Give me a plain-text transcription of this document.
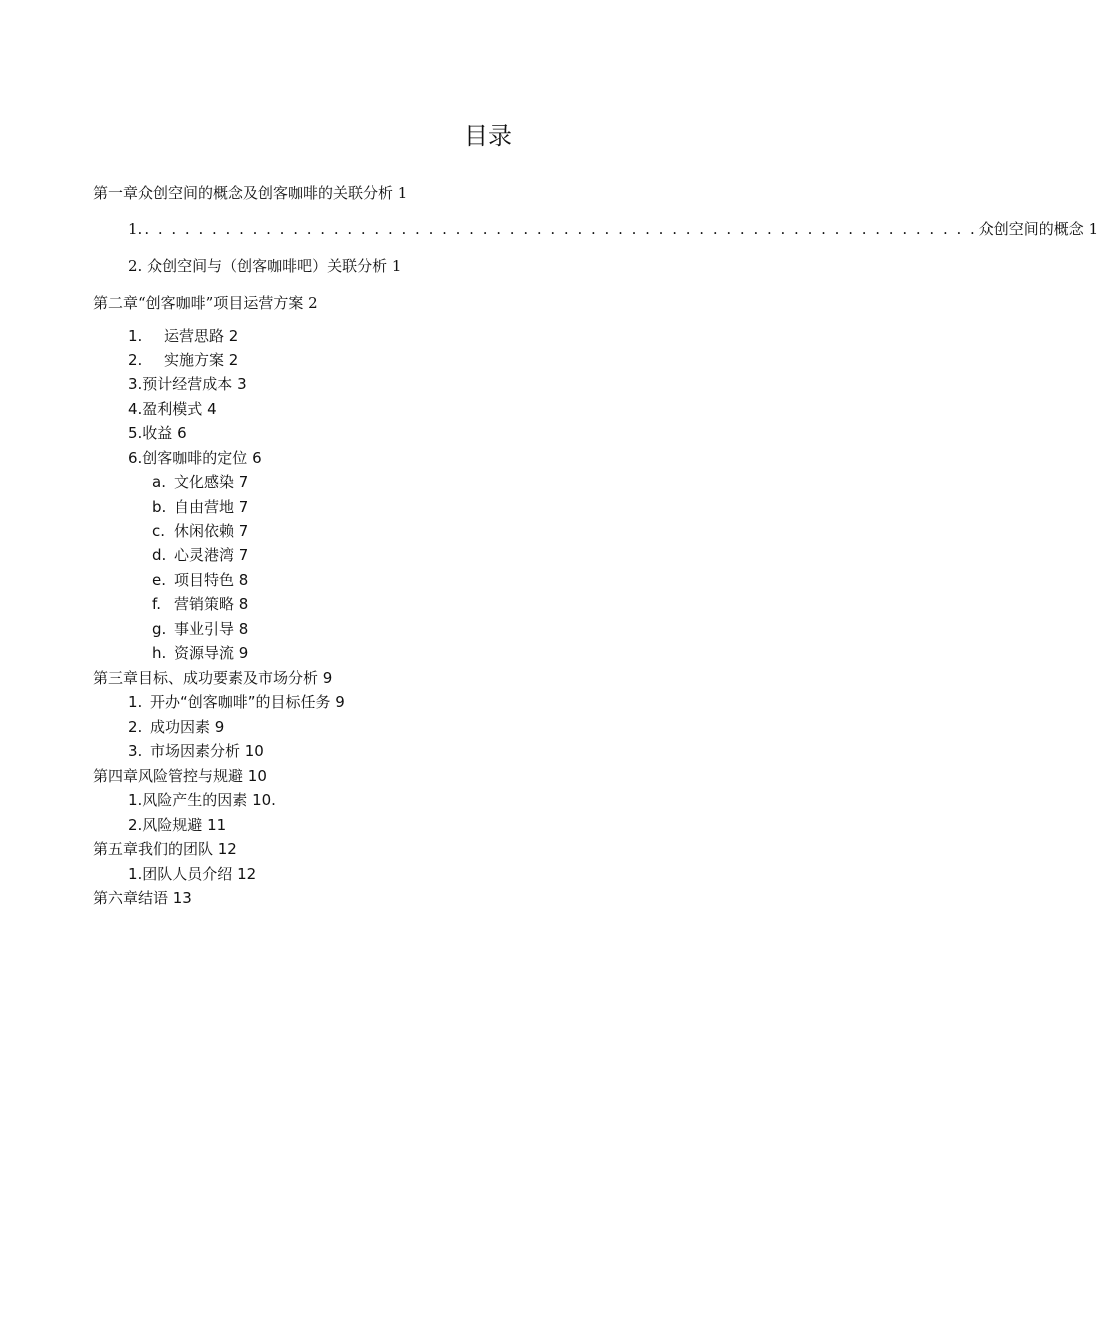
目录
第一章众创空间的概念及创客咖啡的关联分析 1
1. . . . . . . . . . . . . . . . . . . . . . . . . . . . . . . . . . . . . . . . . . . . . . . . . . . . . . . . . . . . . . . 众创空间的概念 1
2. 众创空间与（创客咖啡吧）关联分析 1
第二章“创客咖啡”项目运营方案 2
1. 运营思路 2
2. 实施方案 2
3.预计经营成本 3
4.盈利模式 4
5.收益 6
6.创客咖啡的定位 6
a. 文化感染 7
b. 自由营地 7
c. 休闲依赖 7
d. 心灵港湾 7
e. 项目特色 8
f. 营销策略 8
g. 事业引导 8
h. 资源导流 9
第三章目标、成功要素及市场分析 9
1. 开办“创客咖啡”的目标任务 9
2. 成功因素 9
3. 市场因素分析 10
第四章风险管控与规避 10
1.风险产生的因素 10.
2.风险规避 11
第五章我们的团队 12
1.团队人员介绍 12
第六章结语 13
